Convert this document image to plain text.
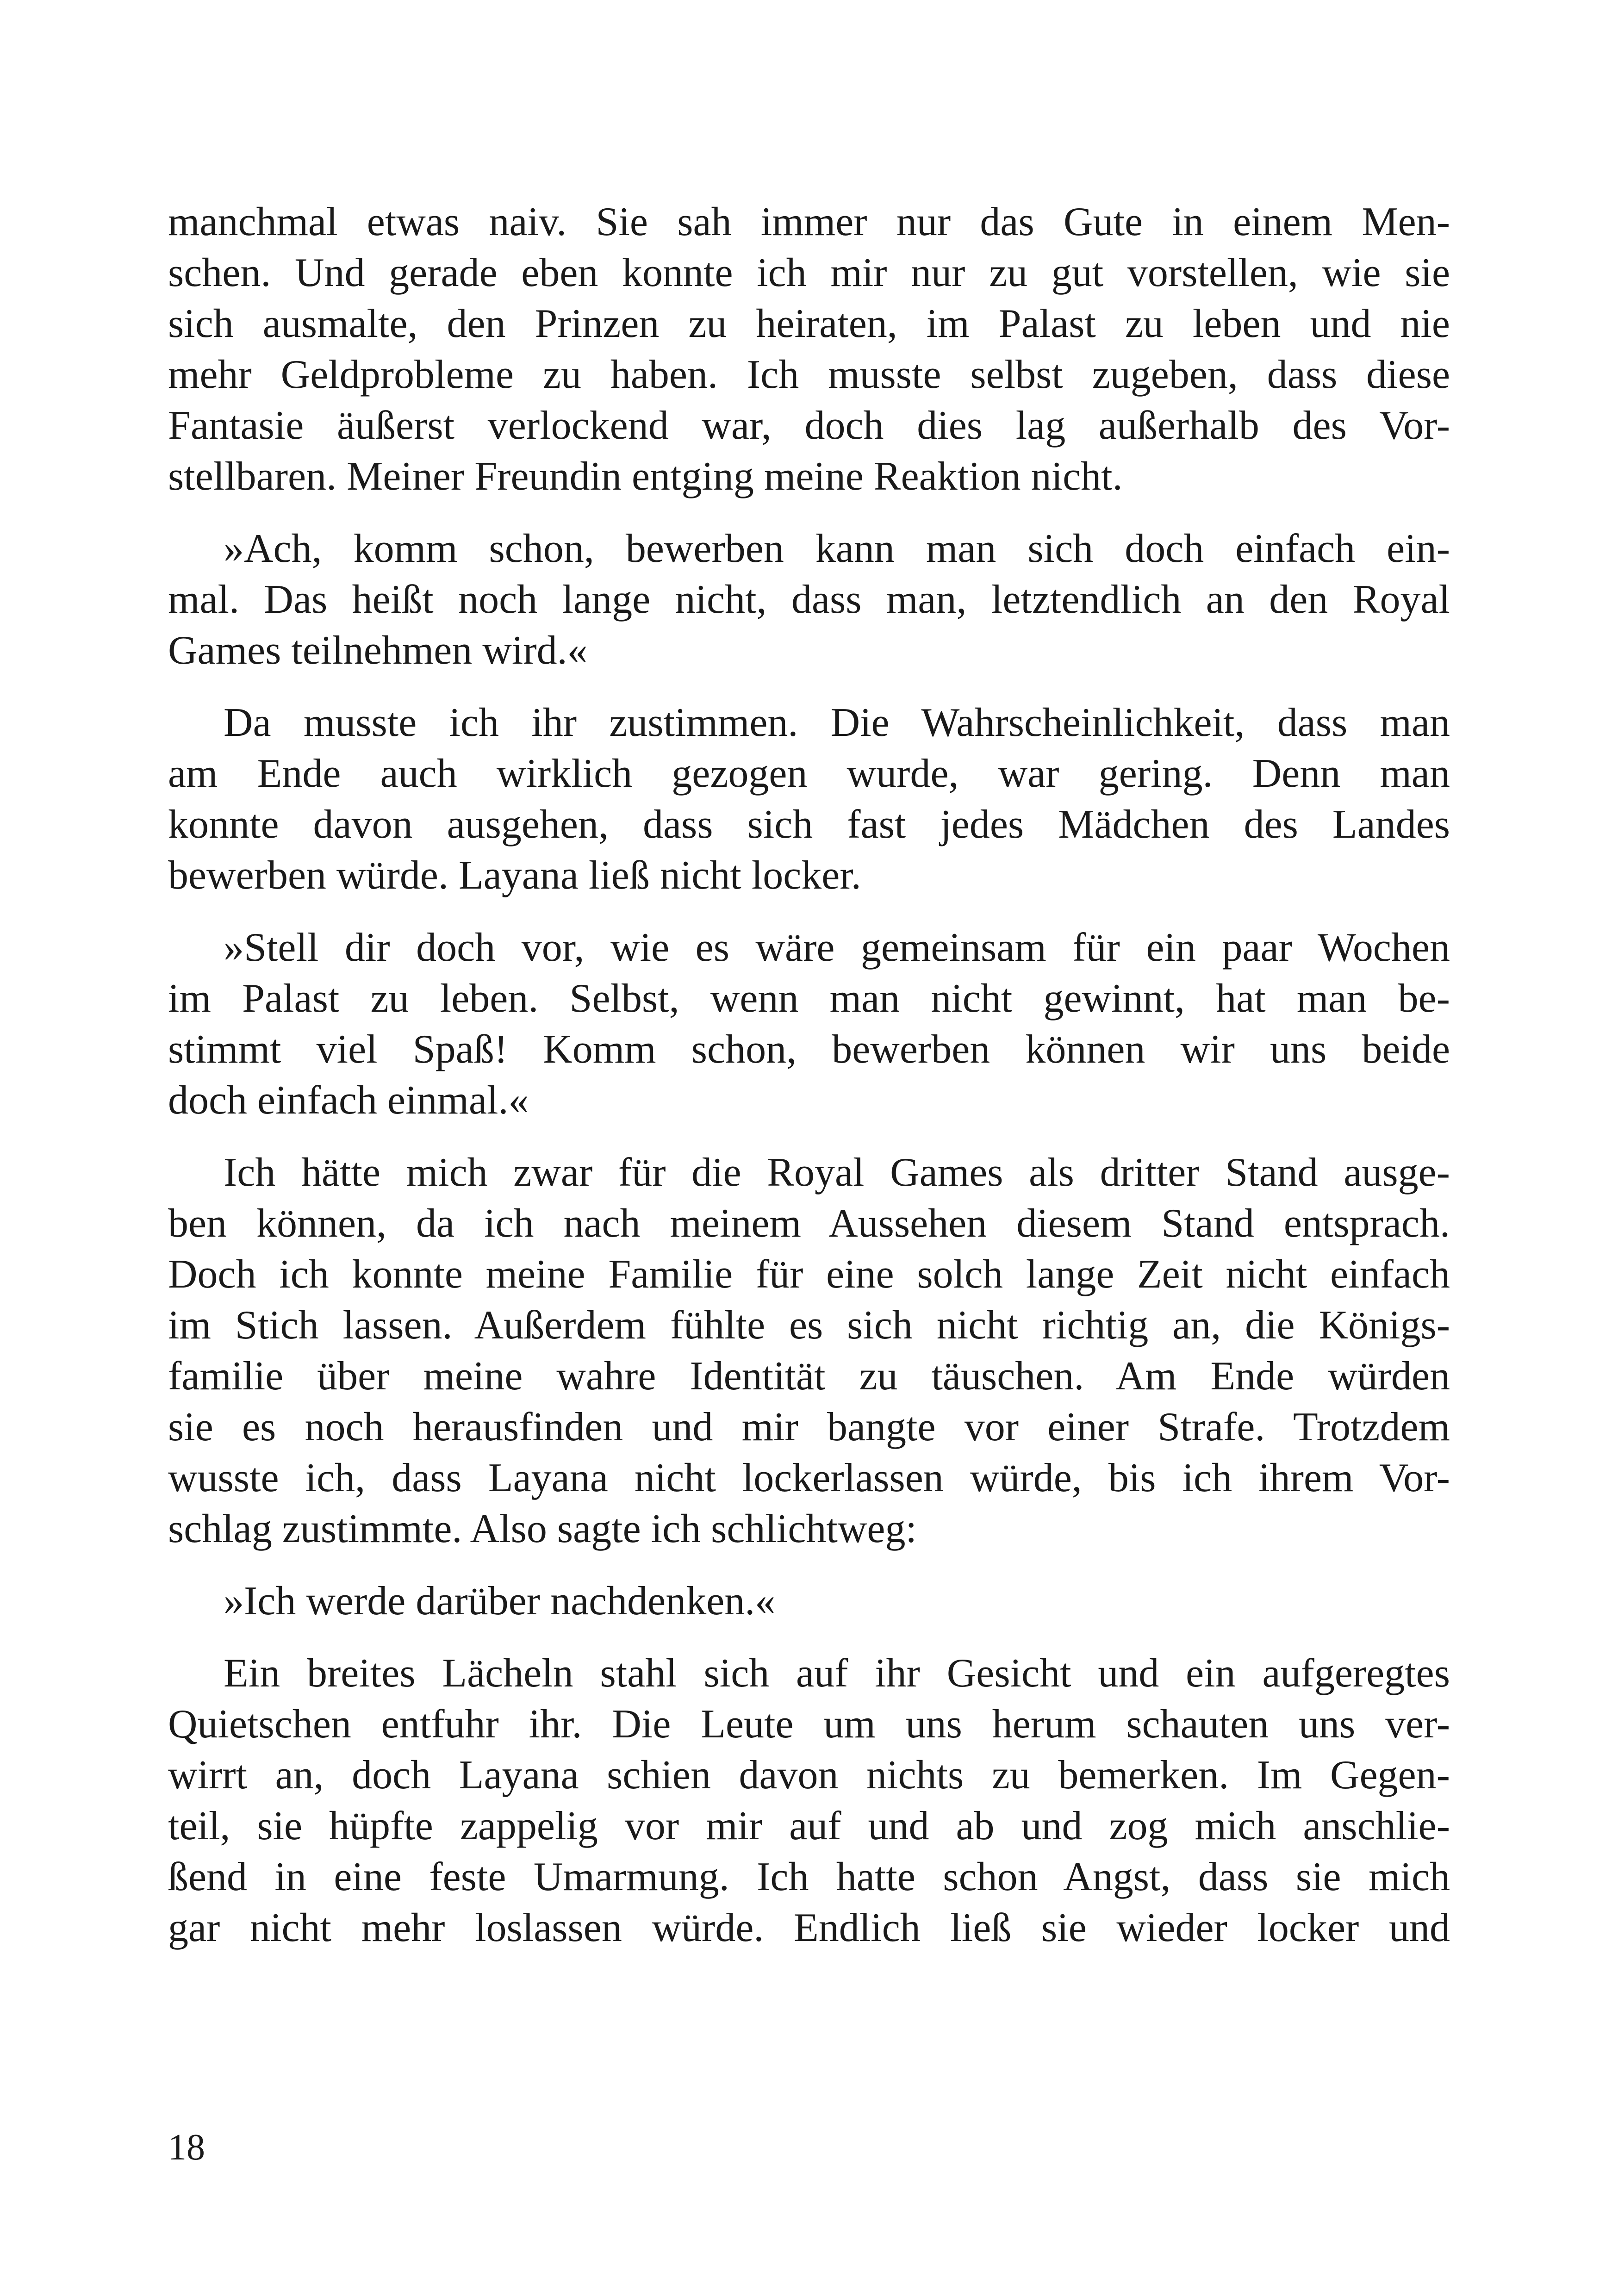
manchmal etwas naiv. Sie sah immer nur das Gute in einem Men-
schen. Und gerade eben konnte ich mir nur zu gut vorstellen, wie sie
sich ausmalte, den Prinzen zu heiraten, im Palast zu leben und nie
mehr Geldprobleme zu haben. Ich musste selbst zugeben, dass diese
Fantasie äußerst verlockend war, doch dies lag außerhalb des Vor-
stellbaren. Meiner Freundin entging meine Reaktion nicht.
»Ach, komm schon, bewerben kann man sich doch einfach ein-
mal. Das heißt noch lange nicht, dass man, letztendlich an den Royal
Games teilnehmen wird.«
Da musste ich ihr zustimmen. Die Wahrscheinlichkeit, dass man
am Ende auch wirklich gezogen wurde, war gering. Denn man
konnte davon ausgehen, dass sich fast jedes Mädchen des Landes
bewerben würde. Layana ließ nicht locker.
»Stell dir doch vor, wie es wäre gemeinsam für ein paar Wochen
im Palast zu leben. Selbst, wenn man nicht gewinnt, hat man be-
stimmt viel Spaß! Komm schon, bewerben können wir uns beide
doch einfach einmal.«
Ich hätte mich zwar für die Royal Games als dritter Stand ausge-
ben können, da ich nach meinem Aussehen diesem Stand entsprach.
Doch ich konnte meine Familie für eine solch lange Zeit nicht einfach
im Stich lassen. Außerdem fühlte es sich nicht richtig an, die Königs-
familie über meine wahre Identität zu täuschen. Am Ende würden
sie es noch herausfinden und mir bangte vor einer Strafe. Trotzdem
wusste ich, dass Layana nicht lockerlassen würde, bis ich ihrem Vor-
schlag zustimmte. Also sagte ich schlichtweg:
»Ich werde darüber nachdenken.«
Ein breites Lächeln stahl sich auf ihr Gesicht und ein aufgeregtes
Quietschen entfuhr ihr. Die Leute um uns herum schauten uns ver-
wirrt an, doch Layana schien davon nichts zu bemerken. Im Gegen-
teil, sie hüpfte zappelig vor mir auf und ab und zog mich anschlie-
ßend in eine feste Umarmung. Ich hatte schon Angst, dass sie mich
gar nicht mehr loslassen würde. Endlich ließ sie wieder locker und
18
